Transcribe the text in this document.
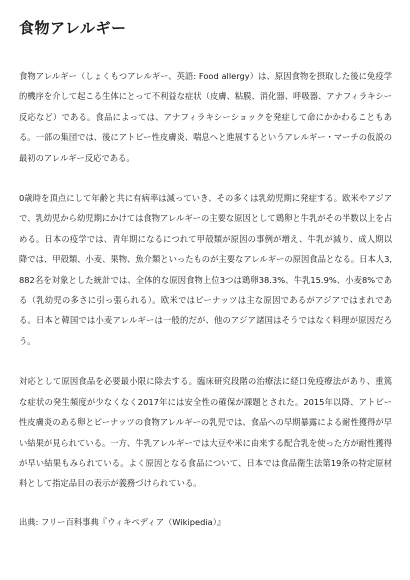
食物アレルギー

食物アレルギー（しょくもつアレルギー、英語: Food allergy）は、原因食物を摂取した後に免疫学的機序を介して起こる生体にとって不利益な症状（皮膚、粘膜、消化器、呼吸器、アナフィラキシー反応など）である。食品によっては、アナフィラキシーショックを発症して命にかかわることもある。一部の集団では、後にアトピー性皮膚炎、喘息へと進展するというアレルギー・マーチの仮説の最初のアレルギー反応である。

0歳時を頂点にして年齢と共に有病率は減っていき、その多くは乳幼児期に発症する。欧米やアジアで、乳幼児から幼児期にかけては食物アレルギーの主要な原因として鶏卵と牛乳がその半数以上を占める。日本の疫学では、青年期になるにつれて甲殻類が原因の事例が増え、牛乳が減り、成人期以降では、甲殻類、小麦、果物、魚介類といったものが主要なアレルギーの原因食品となる。日本人3,882名を対象とした統計では、全体的な原因食物上位3つは鶏卵38.3%、牛乳15.9%、小麦8%である（乳幼児の多さに引っ張られる）。欧米ではピーナッツは主な原因であるがアジアではまれである。日本と韓国では小麦アレルギーは一般的だが、他のアジア諸国はそうではなく料理が原因だろう。

対応として原因食品を必要最小限に除去する。臨床研究段階の治療法に経口免疫療法があり、重篤な症状の発生頻度が少なくなく2017年には安全性の確保が課題とされた。2015年以降、アトピー性皮膚炎のある卵とピーナッツの食物アレルギーの乳児では、食品への早期暴露による耐性獲得が早い結果が見られている。一方、牛乳アレルギーでは大豆や米に由来する配合乳を使った方が耐性獲得が早い結果もみられている。よく原因となる食品について、日本では食品衛生法第19条の特定原材料として指定品目の表示が義務づけられている。

出典: フリー百科事典『ウィキペディア（Wikipedia）』
